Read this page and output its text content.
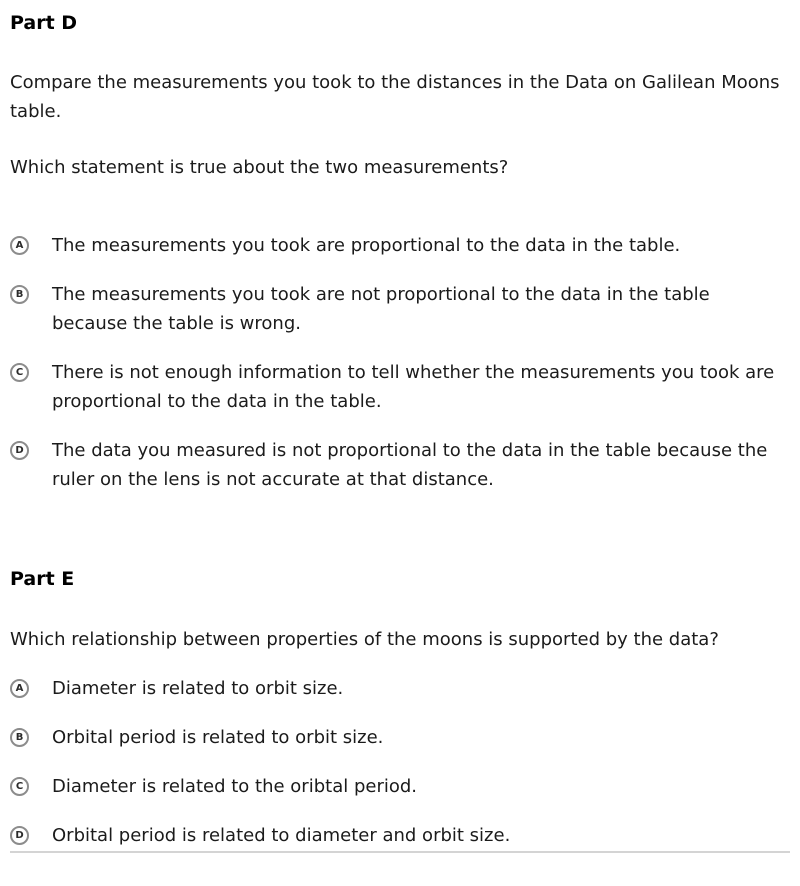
Part D

Compare the measurements you took to the distances in the Data on Galilean Moons table.

Which statement is true about the two measurements?

A	The measurements you took are proportional to the data in the table.
B	The measurements you took are not proportional to the data in the table because the table is wrong.
C	There is not enough information to tell whether the measurements you took are proportional to the data in the table.
D The data you measured is not proportional to the data in the table because the ruler on the lens is not accurate at that distance.
Part E

Which relationship between properties of the moons is supported by the data?

A	Diameter is related to orbit size.
B	Orbital period is related to orbit size.
C	Diameter is related to the oribtal period.
D Orbital period is related to diameter and orbit size.
